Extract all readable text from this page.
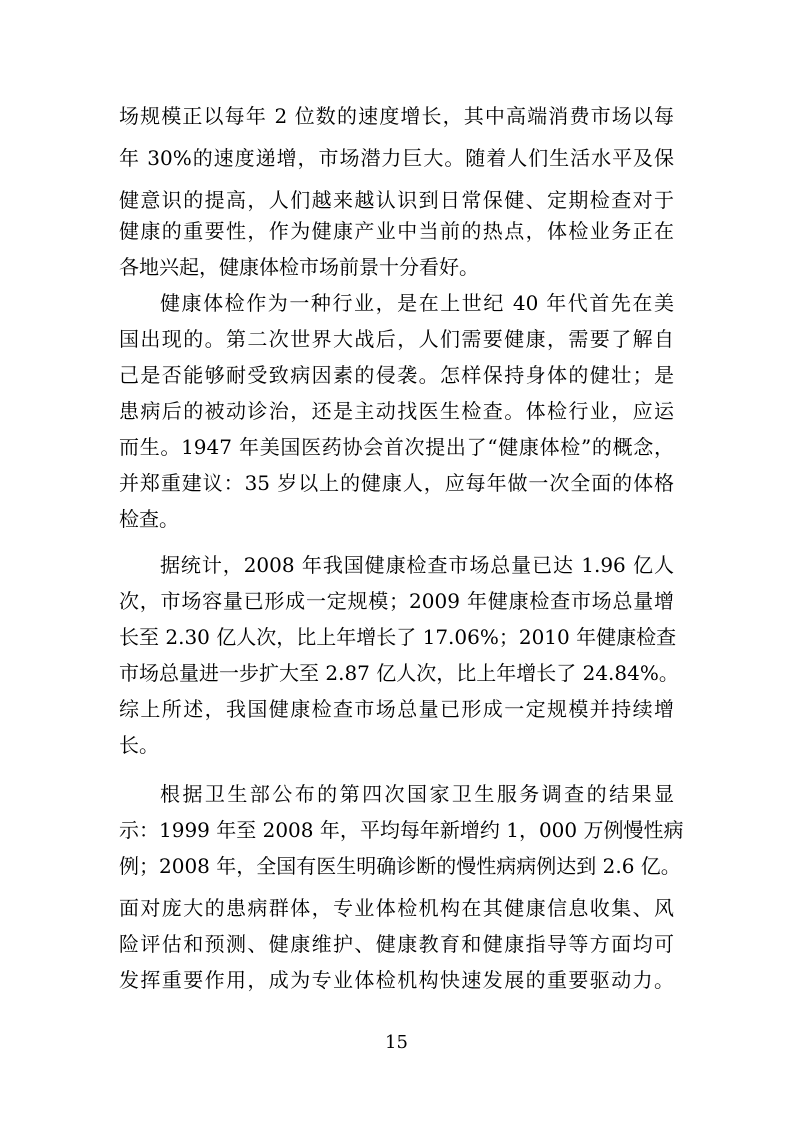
场规模正以每年 2 位数的速度增长，其中高端消费市场以每
年 30%的速度递增，市场潜力巨大。随着人们生活水平及保
健意识的提高，人们越来越认识到日常保健、定期检查对于
健康的重要性，作为健康产业中当前的热点，体检业务正在
各地兴起，健康体检市场前景十分看好。
健康体检作为一种行业，是在上世纪 40 年代首先在美
国出现的。第二次世界大战后，人们需要健康，需要了解自
己是否能够耐受致病因素的侵袭。怎样保持身体的健壮；是
患病后的被动诊治，还是主动找医生检查。体检行业，应运
而生。1947 年美国医药协会首次提出了“健康体检”的概念，
并郑重建议：35 岁以上的健康人，应每年做一次全面的体格
检查。
据统计，2008 年我国健康检查市场总量已达 1.96 亿人
次，市场容量已形成一定规模；2009 年健康检查市场总量增
长至 2.30 亿人次，比上年增长了 17.06%；2010 年健康检查
市场总量进一步扩大至 2.87 亿人次，比上年增长了 24.84%。
综上所述，我国健康检查市场总量已形成一定规模并持续增
长。
根据卫生部公布的第四次国家卫生服务调查的结果显
示：1999 年至 2008 年，平均每年新增约 1，000 万例慢性病
例；2008 年，全国有医生明确诊断的慢性病病例达到 2.6 亿。
面对庞大的患病群体，专业体检机构在其健康信息收集、风
险评估和预测、健康维护、健康教育和健康指导等方面均可
发挥重要作用，成为专业体检机构快速发展的重要驱动力。
15
